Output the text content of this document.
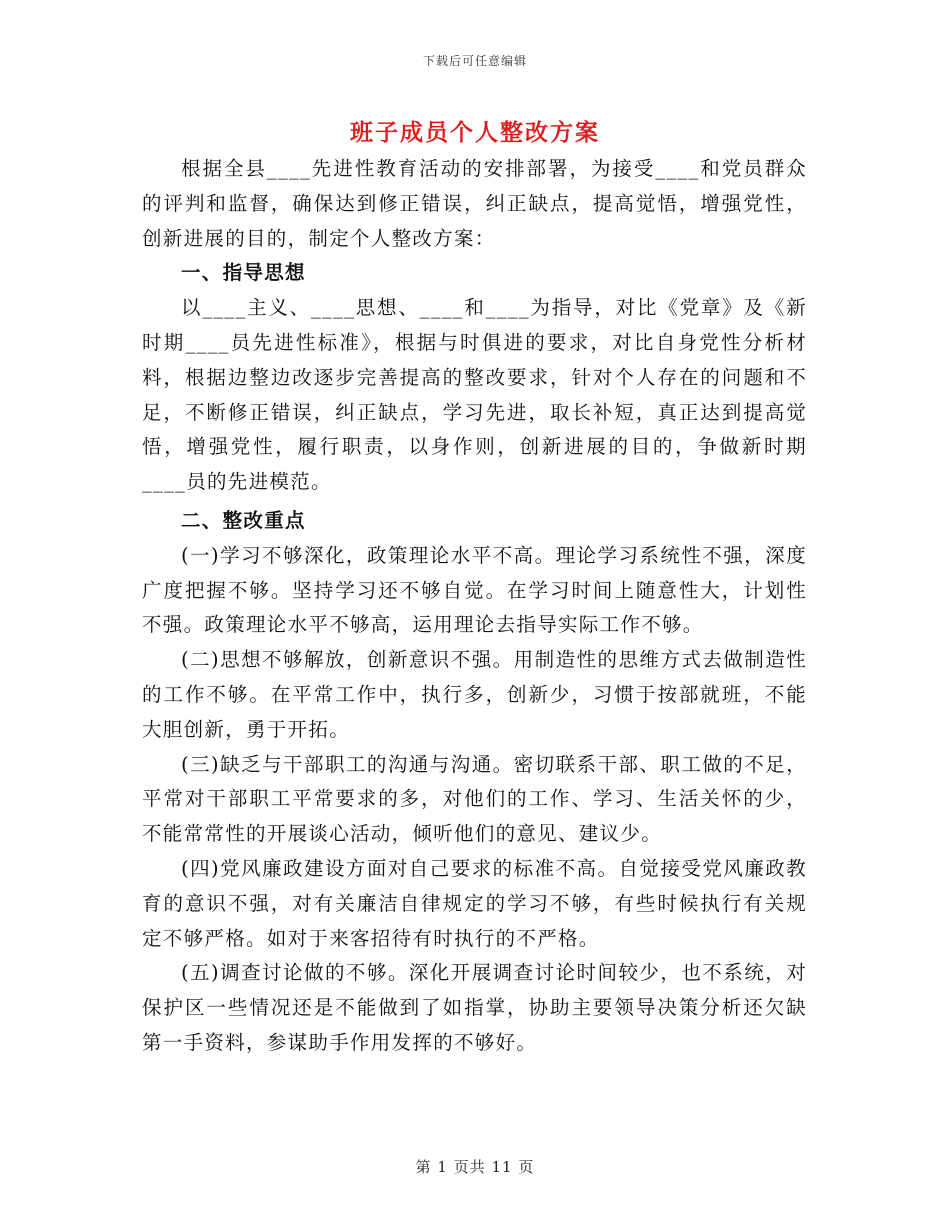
下载后可任意编辑
班子成员个人整改方案

根据全县____先进性教育活动的安排部署，为接受____和党员群众的评判和监督，确保达到修正错误，纠正缺点，提高觉悟，增强党性，创新进展的目的，制定个人整改方案：

一、指导思想

以____主义、____思想、____和____为指导，对比《党章》及《新时期____员先进性标准》，根据与时俱进的要求，对比自身党性分析材料，根据边整边改逐步完善提高的整改要求，针对个人存在的问题和不足，不断修正错误，纠正缺点，学习先进，取长补短，真正达到提高觉悟，增强党性，履行职责，以身作则，创新进展的目的，争做新时期____员的先进模范。

二、整改重点

(一)学习不够深化，政策理论水平不高。理论学习系统性不强，深度广度把握不够。坚持学习还不够自觉。在学习时间上随意性大，计划性不强。政策理论水平不够高，运用理论去指导实际工作不够。

(二)思想不够解放，创新意识不强。用制造性的思维方式去做制造性的工作不够。在平常工作中，执行多，创新少，习惯于按部就班，不能大胆创新，勇于开拓。

(三)缺乏与干部职工的沟通与沟通。密切联系干部、职工做的不足，平常对干部职工平常要求的多，对他们的工作、学习、生活关怀的少，不能常常性的开展谈心活动，倾听他们的意见、建议少。

(四)党风廉政建设方面对自己要求的标准不高。自觉接受党风廉政教育的意识不强，对有关廉洁自律规定的学习不够，有些时候执行有关规定不够严格。如对于来客招待有时执行的不严格。

(五)调查讨论做的不够。深化开展调查讨论时间较少，也不系统，对保护区一些情况还是不能做到了如指掌，协助主要领导决策分析还欠缺第一手资料，参谋助手作用发挥的不够好。

第 1 页共 11 页
